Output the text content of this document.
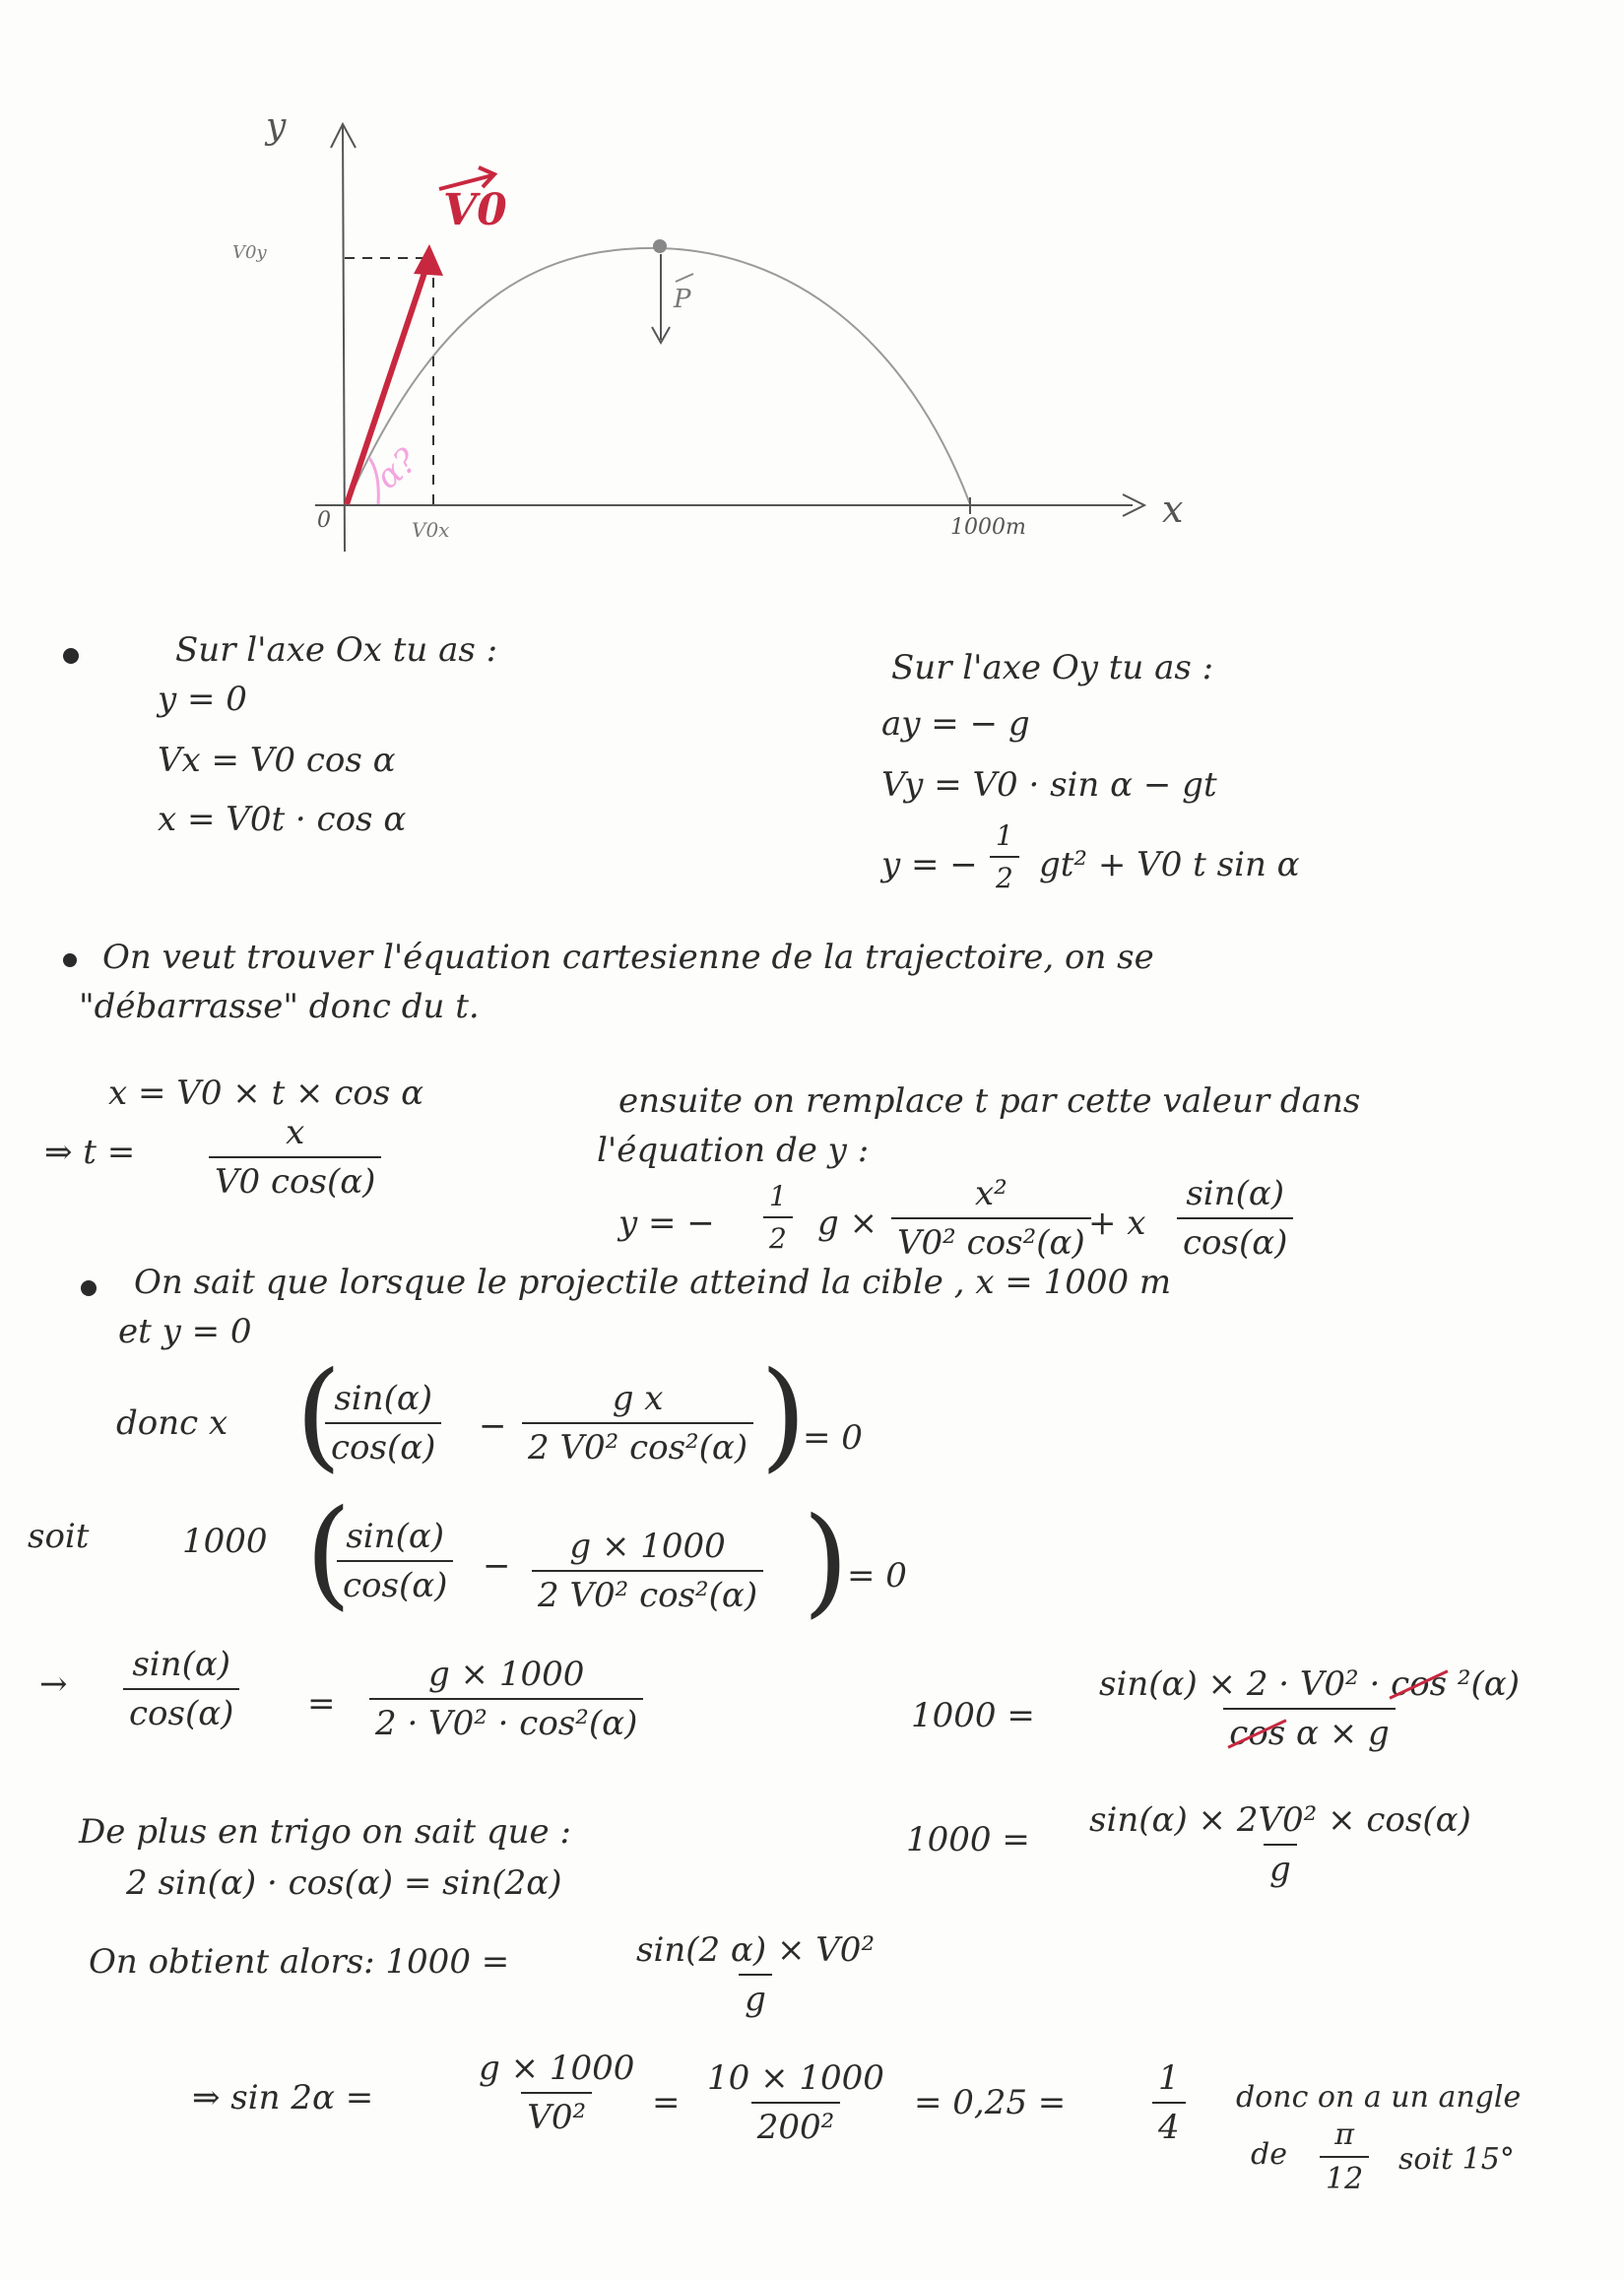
y
x
0
V0y
V0x
V0
1000m
P
α?
Sur l'axe Ox tu as :
y = 0
Vx = V0 cos α
x = V0t · cos α
Sur l'axe Oy tu as :
ay = − g
Vy = V0 · sin α − gt
y = − $\frac{1}{2} gt^2 + V0$ t sin α
On veut trouver l'équation cartesienne de la trajectoire, on se
"débarrasse" donc du t.
x = V0 × t × cos α
⇒ $t = \frac{x}{V0 \cos(\alpha)}$
ensuite on remplace t par cette valeur dans
l'équation de y :
y = − $\frac{1}{2}$ $g \times \frac{\text{x²}}{\text{V0² cos²(α)}}$
+ x $\frac{\sin(\alpha)}{\cos(\alpha)}$
On sait que lorsque le projectile atteind la cible , x = 1000 m
et y = 0
donc x (
$\frac{\sin(\alpha)}{\cos(\alpha)} - \frac{\text{g x}}{\text{2 V0² cos²(α)}}$ )
= 0
soit	1000 (
$\frac{\sin(\alpha)}{\cos(\alpha)} - \frac{g \times 1000}{\text{2 V0² cos²(α)}}$ )
= 0
→ $\frac{\sin(\alpha)}{\cos(\alpha)} = \frac{g \times 1000}{\text{2 · V0² · cos²(α)}}$	$1000 = \frac{\text{sin(α) × 2 · V0² · cos ²(α)}}{\text{cos α × g}}$
$1000 = \frac{\text{sin(α) × 2V0² × cos(α)}}{g}$
De plus en trigo on sait que :
2 sin(α) · cos(α) = sin(2α)
On obtient alors: 1000 =	$\frac{\text{sin(2 α) × V0²}}{g}$
⇒ sin 2α =	$\frac{g \times 1000}{\text{V0²}} = \frac{10 \times 1000}{\text{200²}} = 0,25$ =	$\frac{1}{4}$ donc on a un angle
de $\frac{\pi}{12}$ soit 15°
